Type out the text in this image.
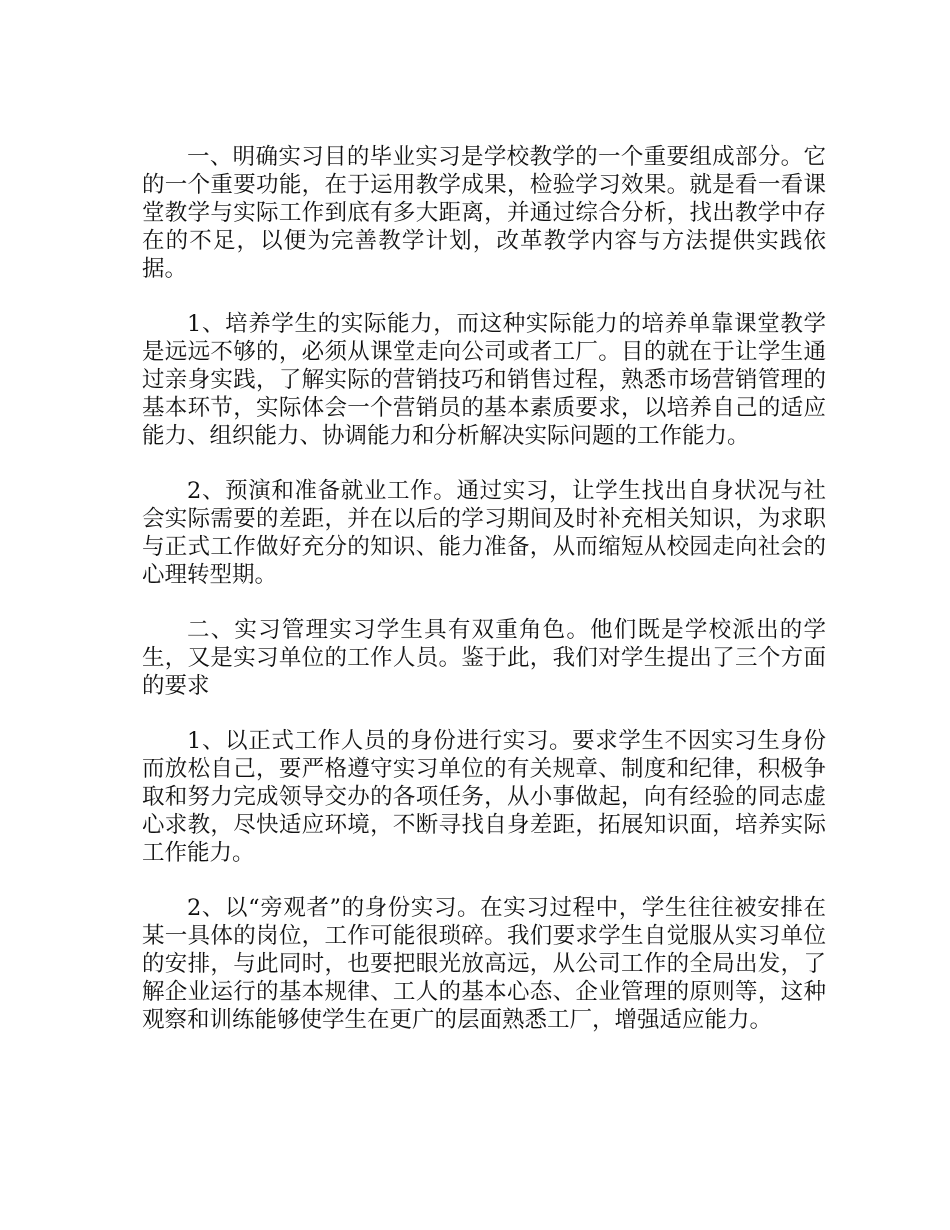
一、明确实习目的毕业实习是学校教学的一个重要组成部分。它的一个重要功能，在于运用教学成果，检验学习效果。就是看一看课堂教学与实际工作到底有多大距离，并通过综合分析，找出教学中存在的不足，以便为完善教学计划，改革教学内容与方法提供实践依据。

1、培养学生的实际能力，而这种实际能力的培养单靠课堂教学是远远不够的，必须从课堂走向公司或者工厂。目的就在于让学生通过亲身实践，了解实际的营销技巧和销售过程，熟悉市场营销管理的基本环节，实际体会一个营销员的基本素质要求，以培养自己的适应能力、组织能力、协调能力和分析解决实际问题的工作能力。

2、预演和准备就业工作。通过实习，让学生找出自身状况与社会实际需要的差距，并在以后的学习期间及时补充相关知识，为求职与正式工作做好充分的知识、能力准备，从而缩短从校园走向社会的心理转型期。

二、实习管理实习学生具有双重角色。他们既是学校派出的学生，又是实习单位的工作人员。鉴于此，我们对学生提出了三个方面的要求

1、以正式工作人员的身份进行实习。要求学生不因实习生身份而放松自己，要严格遵守实习单位的有关规章、制度和纪律，积极争取和努力完成领导交办的各项任务，从小事做起，向有经验的同志虚心求教，尽快适应环境，不断寻找自身差距，拓展知识面，培养实际工作能力。

2、以“旁观者”的身份实习。在实习过程中，学生往往被安排在某一具体的岗位，工作可能很琐碎。我们要求学生自觉服从实习单位的安排，与此同时，也要把眼光放高远，从公司工作的全局出发，了解企业运行的基本规律、工人的基本心态、企业管理的原则等，这种观察和训练能够使学生在更广的层面熟悉工厂，增强适应能力。
